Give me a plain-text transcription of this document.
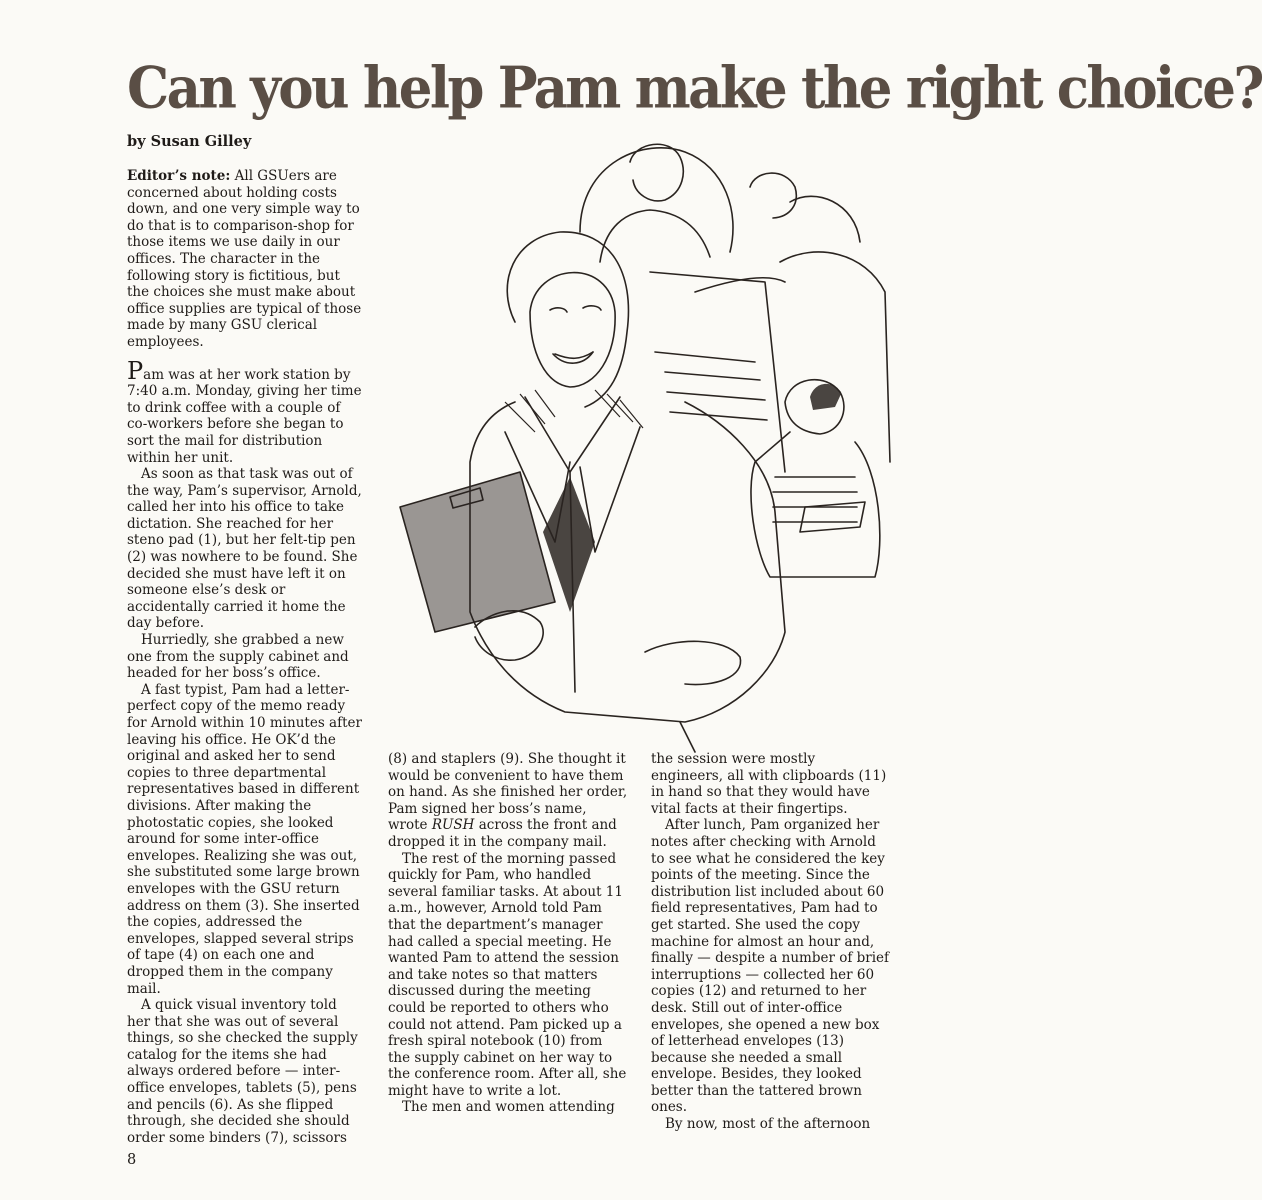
Can you help Pam make the right choice?
by Susan Gilley

Editor’s note: All GSUers are concerned about holding costs down, and one very simple way to do that is to comparison-shop for those items we use daily in our offices. The character in the following story is fictitious, but the choices she must make about office supplies are typical of those made by many GSU clerical employees.

Pam was at her work station by 7:40 a.m. Monday, giving her time to drink coffee with a couple of co-workers before she began to sort the mail for distribution within her unit.

As soon as that task was out of the way, Pam’s supervisor, Arnold, called her into his office to take dictation. She reached for her steno pad (1), but her felt-tip pen (2) was nowhere to be found. She decided she must have left it on someone else’s desk or accidentally carried it home the day before.

Hurriedly, she grabbed a new one from the supply cabinet and headed for her boss’s office.

A fast typist, Pam had a letter-perfect copy of the memo ready for Arnold within 10 minutes after leaving his office. He OK’d the original and asked her to send copies to three departmental representatives based in different divisions. After making the photostatic copies, she looked around for some inter-office envelopes. Realizing she was out, she substituted some large brown envelopes with the GSU return address on them (3). She inserted the copies, addressed the envelopes, slapped several strips of tape (4) on each one and dropped them in the company mail.

A quick visual inventory told her that she was out of several things, so she checked the supply catalog for the items she had always ordered before — inter-office envelopes, tablets (5), pens and pencils (6). As she flipped through, she decided she should order some binders (7), scissors

(8) and staplers (9). She thought it would be convenient to have them on hand. As she finished her order, Pam signed her boss’s name, wrote RUSH across the front and dropped it in the company mail.

The rest of the morning passed quickly for Pam, who handled several familiar tasks. At about 11 a.m., however, Arnold told Pam that the department’s manager had called a special meeting. He wanted Pam to attend the session and take notes so that matters discussed during the meeting could be reported to others who could not attend. Pam picked up a fresh spiral notebook (10) from the supply cabinet on her way to the conference room. After all, she might have to write a lot.

The men and women attending

the session were mostly engineers, all with clipboards (11) in hand so that they would have vital facts at their fingertips.

After lunch, Pam organized her notes after checking with Arnold to see what he considered the key points of the meeting. Since the distribution list included about 60 field representatives, Pam had to get started. She used the copy machine for almost an hour and, finally — despite a number of brief interruptions — collected her 60 copies (12) and returned to her desk. Still out of inter-office envelopes, she opened a new box of letterhead envelopes (13) because she needed a small envelope. Besides, they looked better than the tattered brown ones.

By now, most of the afternoon

8
